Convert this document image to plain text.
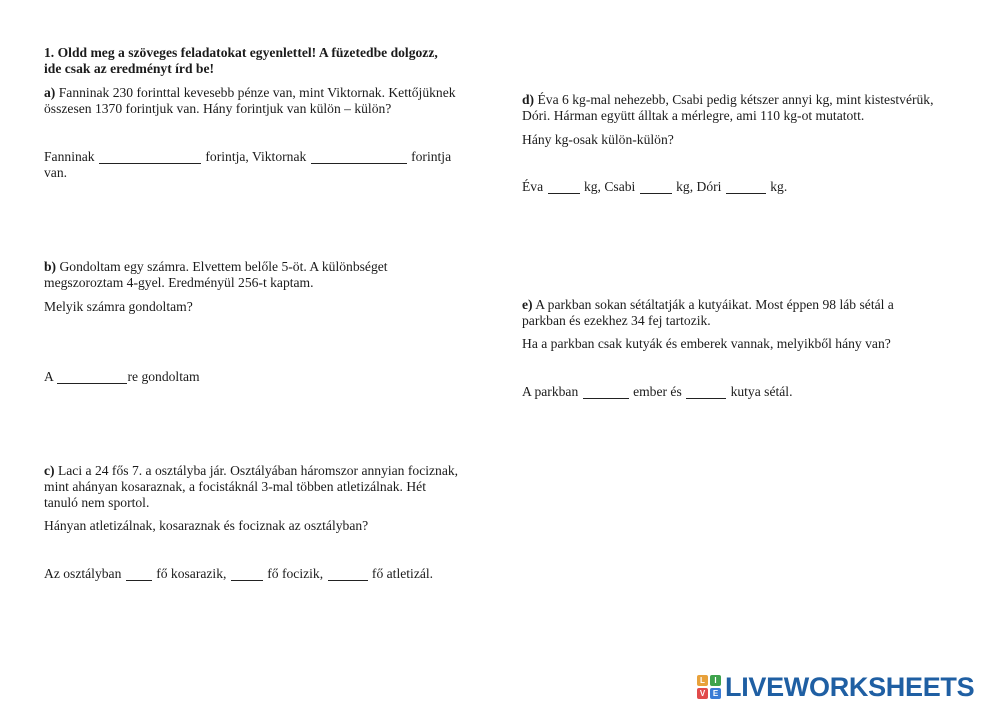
1. Oldd meg a szöveges feladatokat egyenlettel! A füzetedbe dolgozz,
ide csak az eredményt írd be!
a) Fanninak 230 forinttal kevesebb pénze van, mint Viktornak. Kettőjüknek
összesen 1370 forintjuk van. Hány forintjuk van külön – külön?
Fanninak	forintja, Viktornak	forintja
van.
b) Gondoltam egy számra. Elvettem belőle 5-öt. A különbséget
megszoroztam 4-gyel. Eredményül 256-t kaptam.
Melyik számra gondoltam?
A	re gondoltam
c) Laci a 24 fős 7. a osztályba jár. Osztályában háromszor annyian fociznak,
mint ahányan kosaraznak, a focistáknál 3-mal többen atletizálnak. Hét
tanuló nem sportol.
Hányan atletizálnak, kosaraznak és fociznak az osztályban?
Az osztályban	fő kosarazik,	fő focizik,	fő atletizál.
d) Éva 6 kg-mal nehezebb, Csabi pedig kétszer annyi kg, mint kistestvérük,
Dóri. Hárman együtt álltak a mérlegre, ami 110 kg-ot mutatott.
Hány kg-osak külön-külön?
Éva	kg, Csabi	kg, Dóri	kg.
e) A parkban sokan sétáltatják a kutyáikat. Most éppen 98 láb sétál a
parkban és ezekhez 34 fej tartozik.
Ha a parkban csak kutyák és emberek vannak, melyikből hány van?
A parkban	ember és	kutya sétál.
L	I
V E LIVEWORKSHEETS
